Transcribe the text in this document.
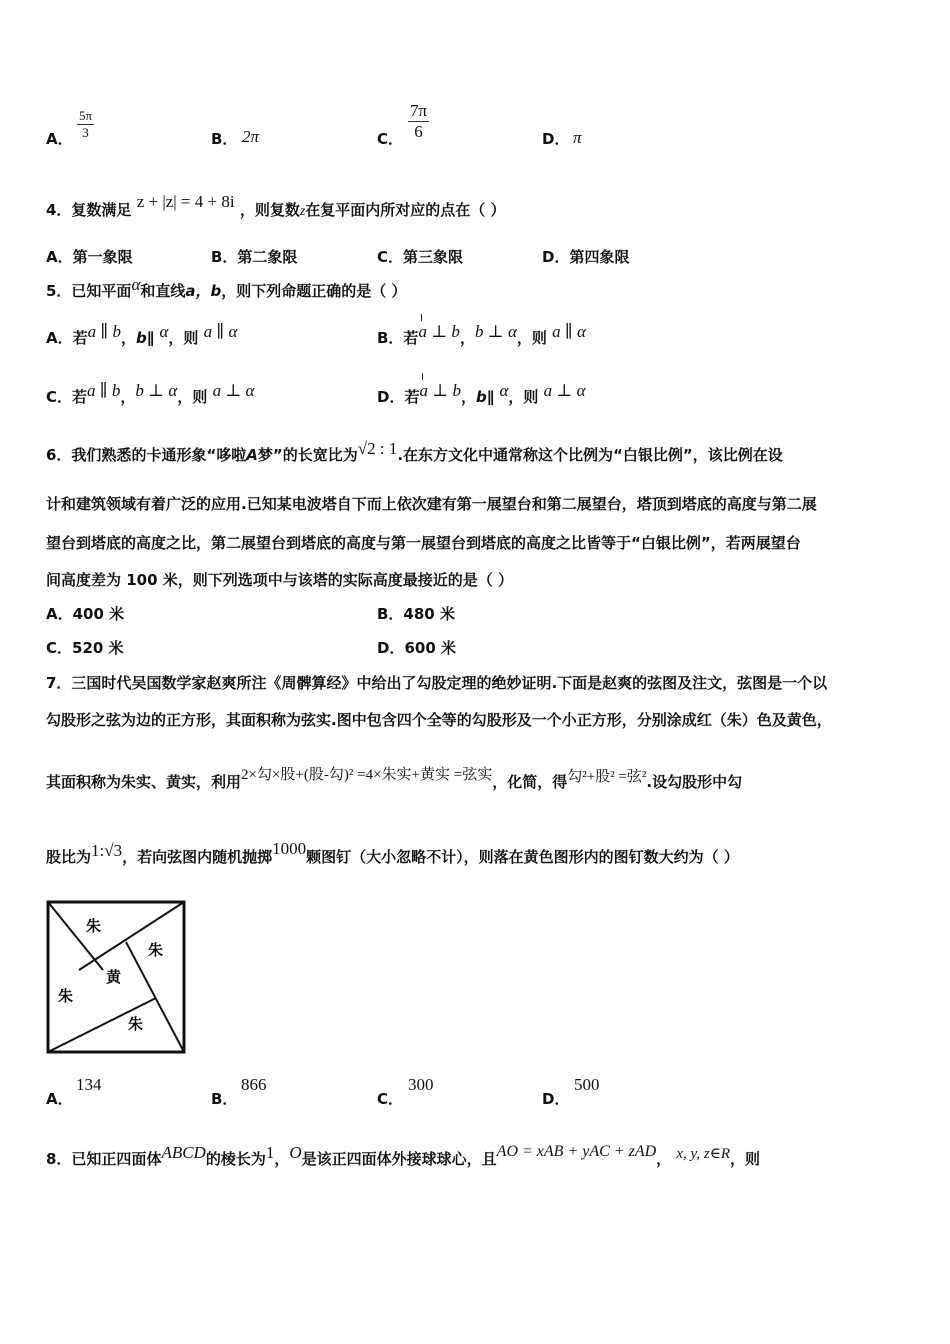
A． $\frac{5\pi}{3}$	B． 2π	C． $\frac{7\pi}{6}$	D． π
4．复数满足 z + |z| = 4 + 8i ，则复数z在复平面内所对应的点在（ ）
A．第一象限	B．第二象限	C．第三象限	D．第四象限
5．已知平面α和直线a，b，则下列命题正确的是（ ）
A．若a ∥ b，b∥ α，则 a ∥ α	B．若a ⊥ b，b ⊥ α，则 a ∥ α
C．若a ∥ b，b ⊥ α，则 a ⊥ α	D．若a ⊥ b，b∥ α，则 a ⊥ α
6．我们熟悉的卡通形象“哆啦A梦”的长宽比为√2 : 1.在东方文化中通常称这个比例为“白银比例”，该比例在设
计和建筑领域有着广泛的应用.已知某电波塔自下而上依次建有第一展望台和第二展望台，塔顶到塔底的高度与第二展
望台到塔底的高度之比，第二展望台到塔底的高度与第一展望台到塔底的高度之比皆等于“白银比例”，若两展望台
间高度差为 100 米，则下列选项中与该塔的实际高度最接近的是（ ）
A．400 米	B．480 米
C．520 米	D．600 米
7．三国时代吴国数学家赵爽所注《周髀算经》中给出了勾股定理的绝妙证明.下面是赵爽的弦图及注文，弦图是一个以
勾股形之弦为边的正方形，其面积称为弦实.图中包含四个全等的勾股形及一个小正方形，分别涂成红（朱）色及黄色，
其面积称为朱实、黄实，利用2×勾×股+(股-勾)² =4×朱实+黄实 =弦实，化简，得勾²+股² =弦².设勾股形中勾
股比为1:√3，若向弦图内随机抛掷1000颗图钉（大小忽略不计），则落在黄色图形内的图钉数大约为（ ）
朱
朱
黄
朱
朱
A．
134
B．
866
C．
300
D．
500
8．已知正四面体ABCD的棱长为1，O是该正四面体外接球球心，且AO = xAB + yAC + zAD， x, y, z∈R，则
